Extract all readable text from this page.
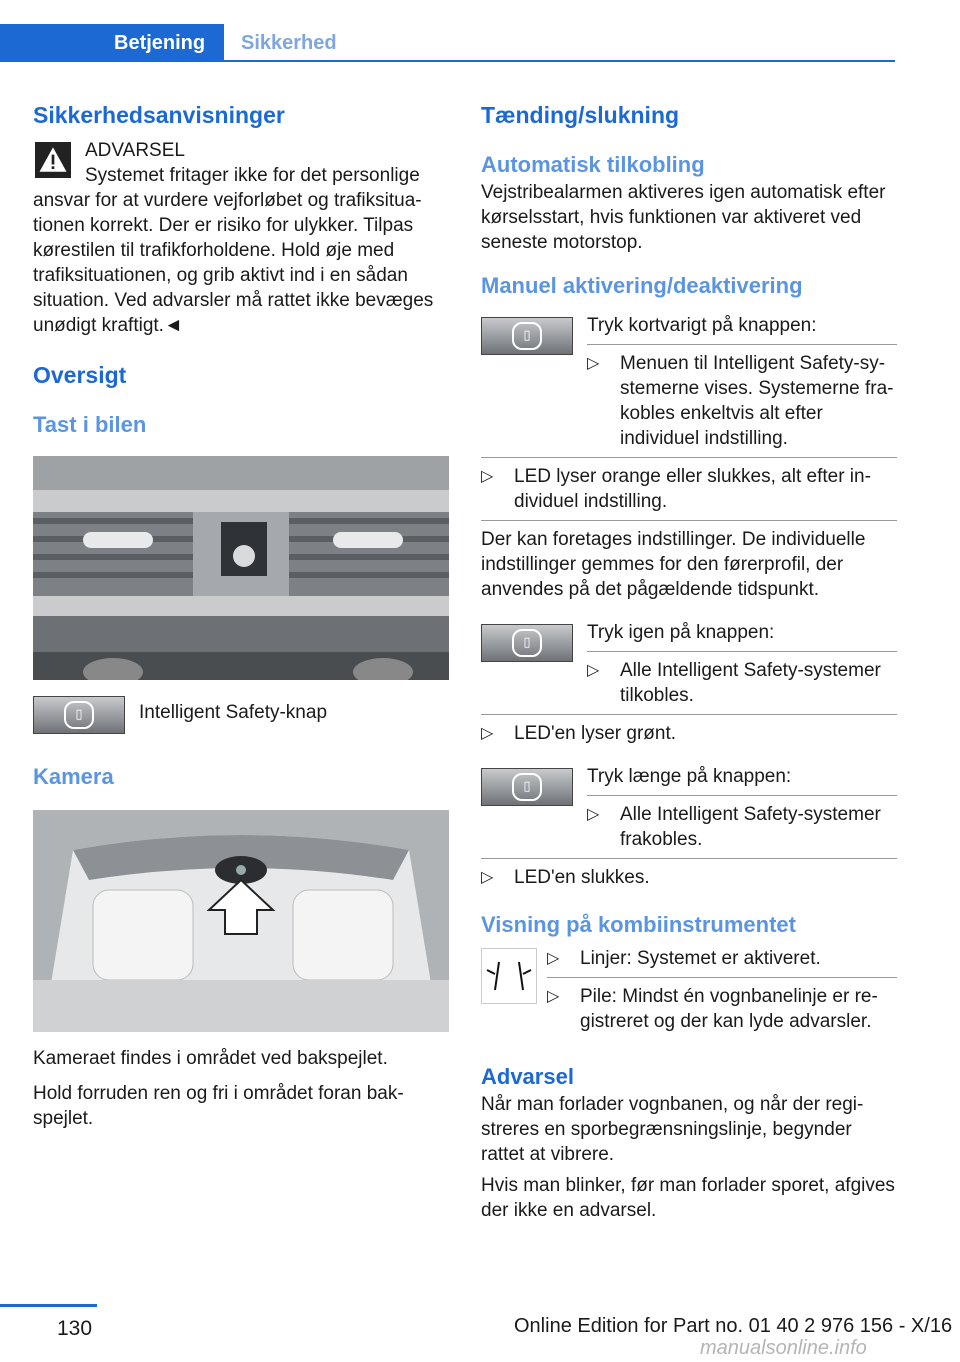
Betjening	Sikkerhed
Sikkerhedsanvisninger
ADVARSEL
Systemet fritager ikke for det personlige
ansvar for at vurdere vejforløbet og trafiksituationen korrekt. Der er risiko for ulykker. Tilpas kørestilen til trafikforholdene. Hold øje med trafiksituationen, og grib aktivt ind i en sådan situation. Ved advarsler må rattet ikke bevæges unødigt kraftigt.◄
Oversigt
Tast i bilen
▯	Intelligent Safety-knap
Kamera

Kameraet findes i området ved bakspejlet.

Hold forruden ren og fri i området foran bakspejlet.

Tænding/slukning
Automatisk tilkobling

Vejstribealarmen aktiveres igen automatisk efter kørselsstart, hvis funktionen var aktiveret ved seneste motorstop.

Manuel aktivering/deaktivering
▯	Tryk kortvarigt på knappen:
▷	Menuen til Intelligent Safety-systemerne vises. Systemerne frakobles enkeltvis alt efter individuel indstilling.
▷	LED lyser orange eller slukkes, alt efter individuel indstilling.

Der kan foretages indstillinger. De individuelle indstillinger gemmes for den førerprofil, der anvendes på det pågældende tidspunkt.

▯	Tryk igen på knappen:
▷	Alle Intelligent Safety-systemer tilkobles.
▷	LED'en lyser grønt.
▯	Tryk længe på knappen:
▷	Alle Intelligent Safety-systemer frakobles.
▷	LED'en slukkes.
Visning på kombiinstrumentet
▷	Linjer: Systemet er aktiveret.
▷	Pile: Mindst én vognbanelinje er registreret og der kan lyde advarsler.
Advarsel

Når man forlader vognbanen, og når der registreres en sporbegrænsningslinje, begynder rattet at vibrere.

Hvis man blinker, før man forlader sporet, afgives der ikke en advarsel.

130	Online Edition for Part no. 01 40 2 976 156 - X/16
manualsonline.info
